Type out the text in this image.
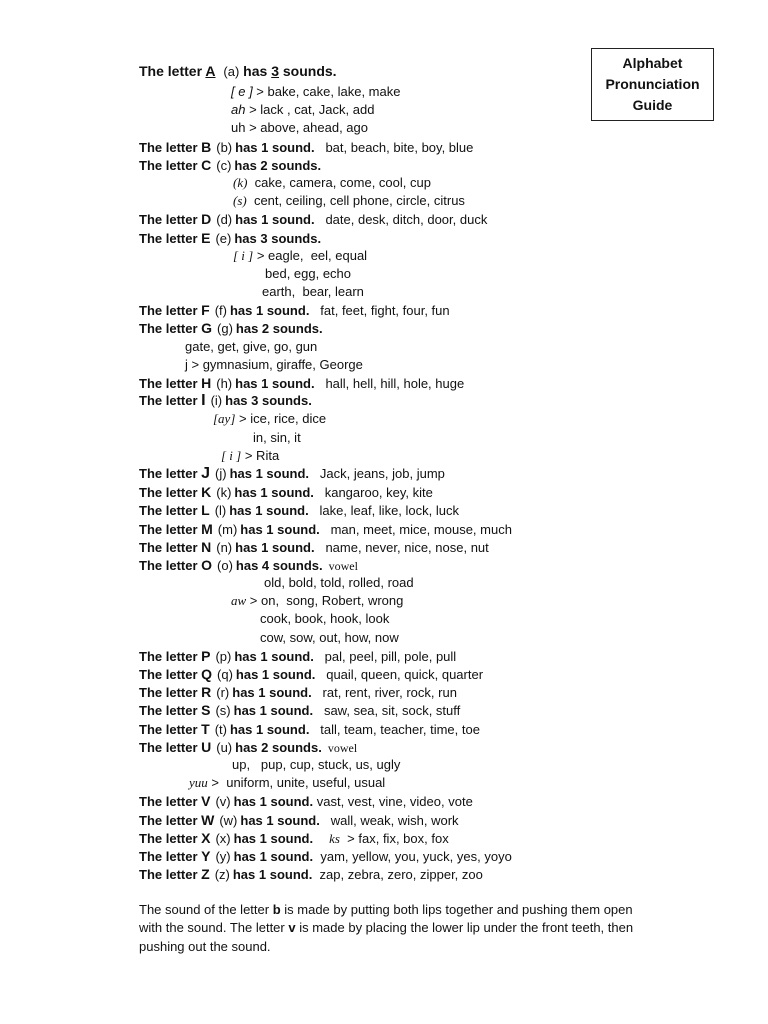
Alphabet
Pronunciation
Guide
The letter A (a) has 3 sounds.
[ e ] > bake, cake, lake, make
ah > lack , cat, Jack, add
uh > above, ahead, ago
The letter B (b) has 1 sound.   bat, beach, bite, boy, blue
The letter C (c) has 2 sounds.
(k)  cake, camera, come, cool, cup
(s)  cent, ceiling, cell phone, circle, citrus
The letter D (d) has 1 sound.   date, desk, ditch, door, duck
The letter E (e) has 3 sounds.
[ i ] > eagle,  eel, equal
bed, egg, echo
earth,  bear, learn
The letter F (f) has 1 sound.   fat, feet, fight, four, fun
The letter G (g) has 2 sounds.
gate, get, give, go, gun
j > gymnasium, giraffe, George
The letter H (h) has 1 sound.   hall, hell, hill, hole, huge
The letter I (i) has 3 sounds.
[ay] > ice, rice, dice
in, sin, it
[ i ] > Rita
The letter J (j) has 1 sound.   Jack, jeans, job, jump
The letter K (k) has 1 sound.   kangaroo, key, kite
The letter L (l) has 1 sound.   lake, leaf, like, lock, luck
The letter M (m) has 1 sound.   man, meet, mice, mouse, much
The letter N (n) has 1 sound.   name, never, nice, nose, nut
The letter O (o) has 4 sounds. vowel
old, bold, told, rolled, road
aw > on,  song, Robert, wrong
cook, book, hook, look
cow, sow, out, how, now
The letter P (p) has 1 sound.   pal, peel, pill, pole, pull
The letter Q (q) has 1 sound.   quail, queen, quick, quarter
The letter R (r) has 1 sound.   rat, rent, river, rock, run
The letter S (s) has 1 sound.   saw, sea, sit, sock, stuff
The letter T (t) has 1 sound.   tall, team, teacher, time, toe
The letter U (u) has 2 sounds. vowel
up,   pup, cup, stuck, us, ugly
yuu >  uniform, unite, useful, usual
The letter V (v) has 1 sound. vast, vest, vine, video, vote
The letter W (w) has 1 sound.   wall, weak, wish, work
The letter X (x) has 1 sound. ks  > fax, fix, box, fox
The letter Y (y) has 1 sound.  yam, yellow, you, yuck, yes, yoyo
The letter Z (z) has 1 sound.  zap, zebra, zero, zipper, zoo
The sound of the letter b is made by putting both lips together and pushing them open with the sound. The letter v is made by placing the lower lip under the front teeth, then pushing out the sound.
